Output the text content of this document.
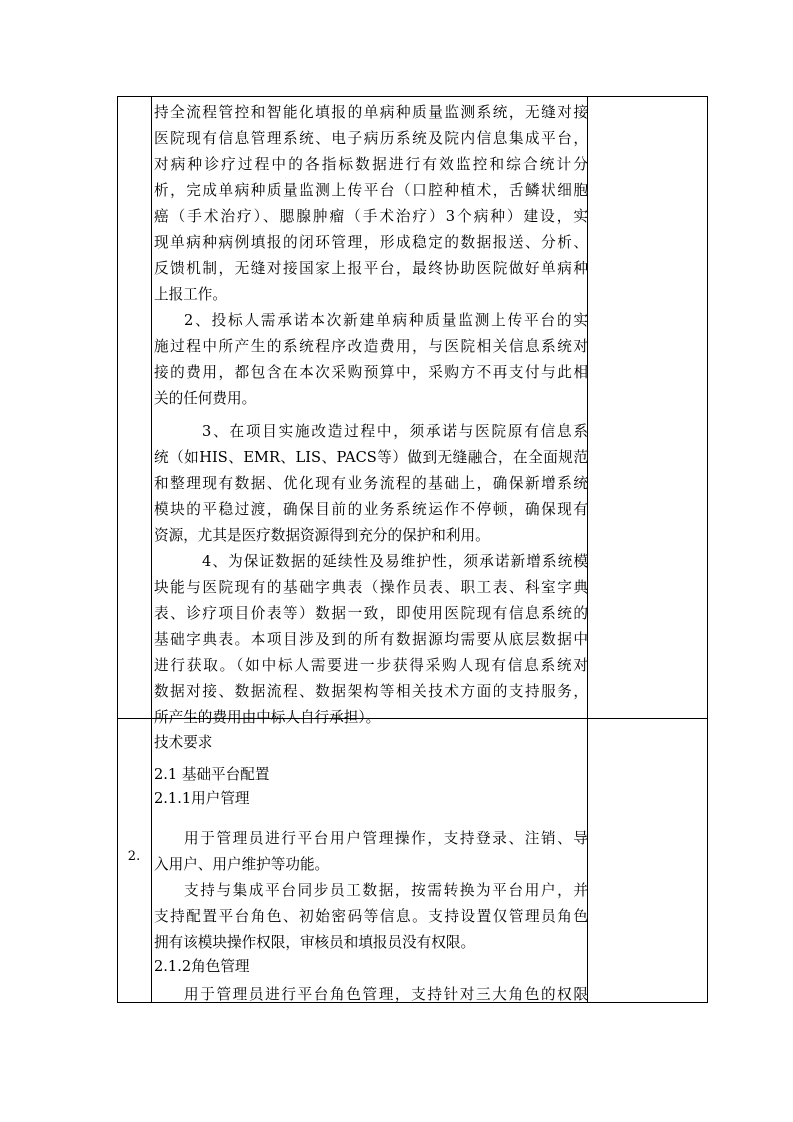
持全流程管控和智能化填报的单病种质量监测系统，无缝对接
医院现有信息管理系统、电子病历系统及院内信息集成平台，
对病种诊疗过程中的各指标数据进行有效监控和综合统计分
析，完成单病种质量监测上传平台（口腔种植术，舌鳞状细胞
癌（手术治疗）、腮腺肿瘤（手术治疗）3个病种）建设，实
现单病种病例填报的闭环管理，形成稳定的数据报送、分析、
反馈机制，无缝对接国家上报平台，最终协助医院做好单病种
上报工作。
2、投标人需承诺本次新建单病种质量监测上传平台的实
施过程中所产生的系统程序改造费用，与医院相关信息系统对
接的费用，都包含在本次采购预算中，采购方不再支付与此相
关的任何费用。
3、在项目实施改造过程中，须承诺与医院原有信息系
统（如HIS、EMR、LIS、PACS等）做到无缝融合，在全面规范
和整理现有数据、优化现有业务流程的基础上，确保新增系统
模块的平稳过渡，确保目前的业务系统运作不停顿，确保现有
资源，尤其是医疗数据资源得到充分的保护和利用。
4、为保证数据的延续性及易维护性，须承诺新增系统模
块能与医院现有的基础字典表（操作员表、职工表、科室字典
表、诊疗项目价表等）数据一致，即使用医院现有信息系统的
基础字典表。本项目涉及到的所有数据源均需要从底层数据中
进行获取。（如中标人需要进一步获得采购人现有信息系统对
数据对接、数据流程、数据架构等相关技术方面的支持服务，
所产生的费用由中标人自行承担）。
2.
技术要求
2.1 基础平台配置
2.1.1用户管理
用于管理员进行平台用户管理操作，支持登录、注销、导
入用户、用户维护等功能。
支持与集成平台同步员工数据，按需转换为平台用户，并
支持配置平台角色、初始密码等信息。支持设置仅管理员角色
拥有该模块操作权限，审核员和填报员没有权限。
2.1.2角色管理
用于管理员进行平台角色管理，支持针对三大角色的权限
